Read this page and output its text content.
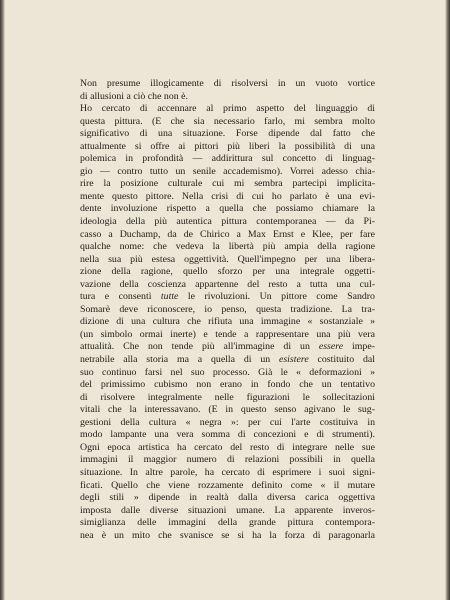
Non presume illogicamente di risolversi in un vuoto vortice

di allusioni a ciò che non è.

Ho cercato di accennare al primo aspetto del linguaggio di

questa pittura. (E che sia necessario farlo, mi sembra molto

significativo di una situazione. Forse dipende dal fatto che

attualmente si offre ai pittori più liberi la possibilità di una

polemica in profondità — addirittura sul concetto di linguag-

gio — contro tutto un senile accademismo). Vorrei adesso chia-

rire la posizione culturale cui mi sembra partecipi implicita-

mente questo pittore. Nella crisi di cui ho parlato è una evi-

dente involuzione rispetto a quella che possiamo chiamare la

ideologia della più autentica pittura contemporanea — da Pi-

casso a Duchamp, da de Chirico a Max Ernst e Klee, per fare

qualche nome: che vedeva la libertà più ampia della ragione

nella sua più estesa oggettività. Quell'impegno per una libera-

zione della ragione, quello sforzo per una integrale oggetti-

vazione della coscienza appartenne del resto a tutta una cul-

tura e consentì tutte le rivoluzioni. Un pittore come Sandro

Somarè deve riconoscere, io penso, questa tradizione. La tra-

dizione di una cultura che rifiuta una immagine « sostanziale »

(un simbolo ormai inerte) e tende a rappresentare una più vera

attualità. Che non tende più all'immagine di un essere impe-

netrabile alla storia ma a quella di un esistere costituito dal

suo continuo farsi nel suo processo. Già le « deformazioni »

del primissimo cubismo non erano in fondo che un tentativo

di risolvere integralmente nelle figurazioni le sollecitazioni

vitali che la interessavano. (E in questo senso agivano le sug-

gestioni della cultura « negra »: per cui l'arte costituiva in

modo lampante una vera somma di concezioni e di strumenti).

Ogni epoca artistica ha cercato del resto di integrare nelle sue

immagini il maggior numero di relazioni possibili in quella

situazione. In altre parole, ha cercato di esprimere i suoi signi-

ficati. Quello che viene rozzamente definito come « il mutare

degli stili » dipende in realtà dalla diversa carica oggettiva

imposta dalle diverse situazioni umane. La apparente inveros-

simiglianza delle immagini della grande pittura contempora-

nea è un mito che svanisce se si ha la forza di paragonarla
